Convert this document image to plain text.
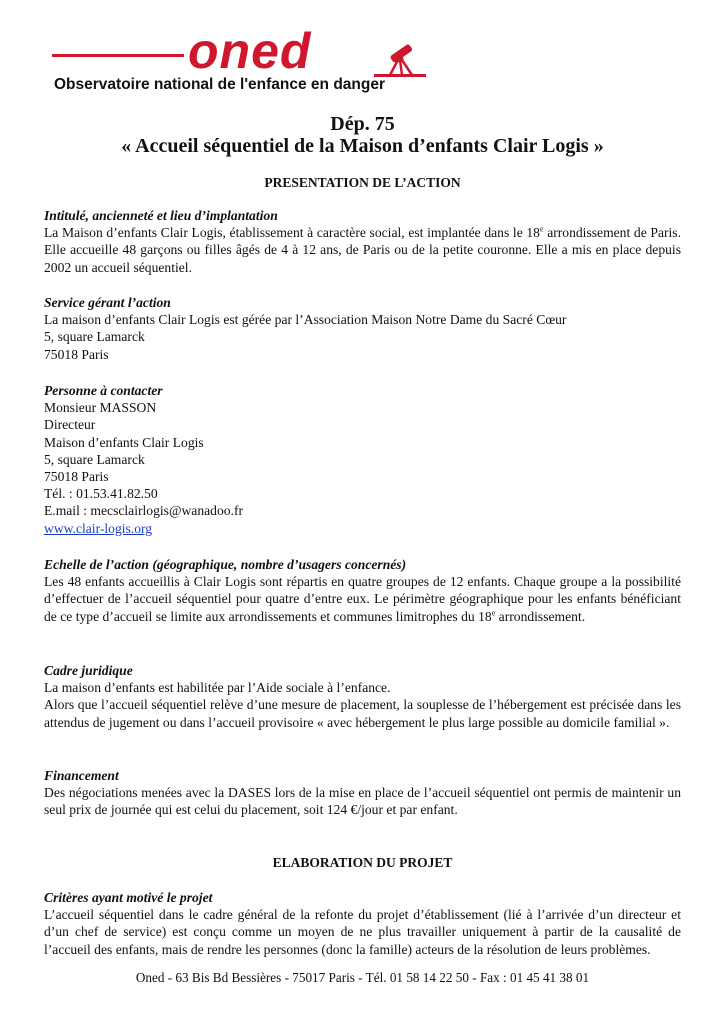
oned
Observatoire national de l'enfance en danger
Dép. 75
« Accueil séquentiel de la Maison d’enfants Clair Logis »
PRESENTATION DE L’ACTION

Intitulé, ancienneté et lieu d’implantation

La Maison d’enfants Clair Logis, établissement à caractère social, est implantée dans le 18e arrondissement de Paris. Elle accueille 48 garçons ou filles âgés de 4 à 12 ans, de Paris ou de la petite couronne. Elle a mis en place depuis 2002 un accueil séquentiel.

Service gérant l’action

La maison d’enfants Clair Logis est gérée par l’Association Maison Notre Dame du Sacré Cœur

5, square Lamarck

75018 Paris

Personne à contacter

Monsieur MASSON

Directeur

Maison d’enfants Clair Logis

5, square Lamarck

75018 Paris

Tél. : 01.53.41.82.50

E.mail : mecsclairlogis@wanadoo.fr

www.clair-logis.org

Echelle de l’action (géographique, nombre d’usagers concernés)

Les 48 enfants accueillis à Clair Logis sont répartis en quatre groupes de 12 enfants. Chaque groupe a la possibilité d’effectuer de l’accueil séquentiel pour quatre d’entre eux. Le périmètre géographique pour les enfants bénéficiant de ce type d’accueil se limite aux arrondissements et communes limitrophes du 18e arrondissement.

Cadre juridique

La maison d’enfants est habilitée par l’Aide sociale à l’enfance.

Alors que l’accueil séquentiel relève d’une mesure de placement, la souplesse de l’hébergement est précisée dans les attendus de jugement ou dans l’accueil provisoire « avec hébergement le plus large possible au domicile familial ».

Financement

Des négociations menées avec la DASES lors de la mise en place de l’accueil séquentiel ont permis de maintenir un seul prix de journée qui est celui du placement, soit 124 €/jour et par enfant.

ELABORATION DU PROJET

Critères ayant motivé le projet

L’accueil séquentiel dans le cadre général de la refonte du projet d’établissement (lié à l’arrivée d’un directeur et d’un chef de service) est conçu comme un moyen de ne plus travailler uniquement à partir de la causalité de l’accueil des enfants, mais de rendre les personnes (donc la famille) acteurs de la résolution de leurs problèmes.

Oned - 63 Bis Bd Bessières - 75017 Paris - Tél. 01 58 14 22 50 - Fax : 01 45 41 38 01
